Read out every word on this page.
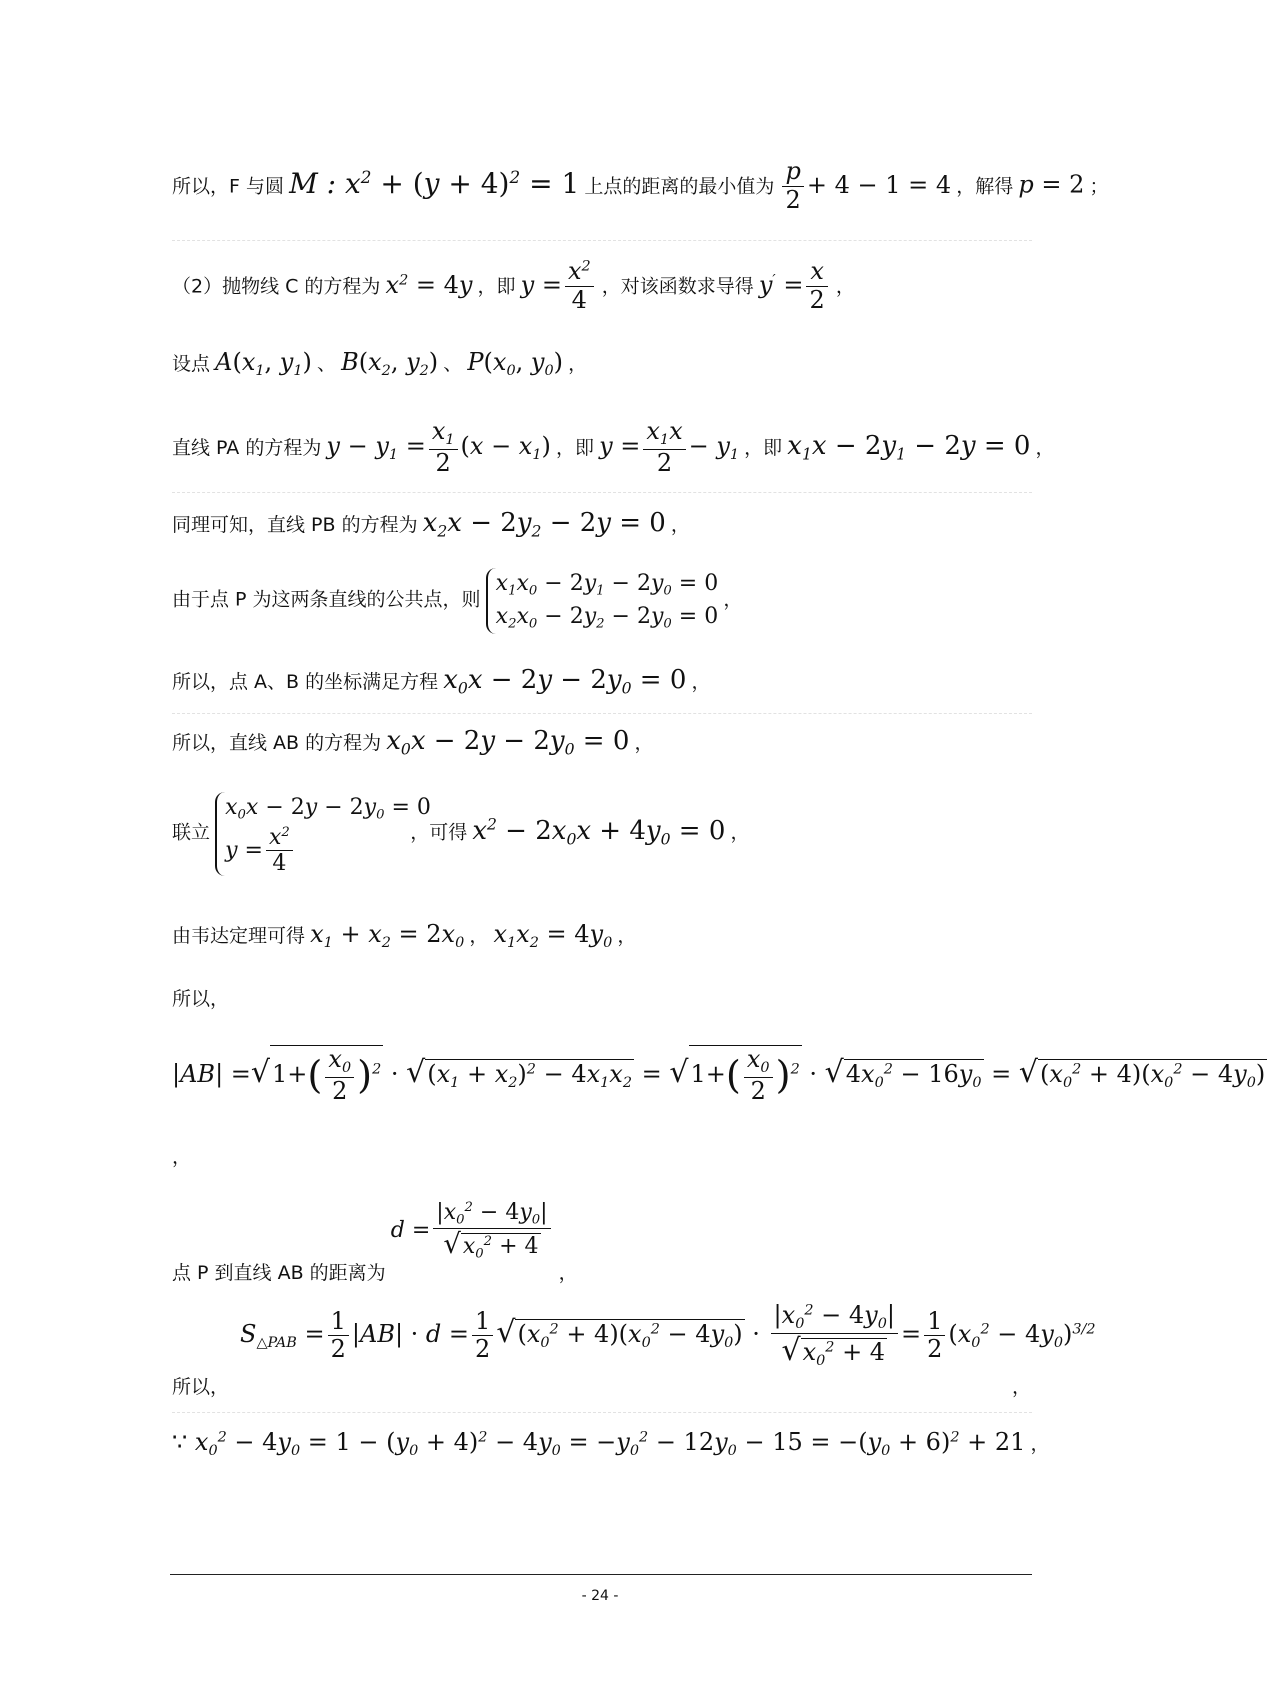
所以，F 与圆 M : $x^2 + (y + 4)^2 = 1$ 上点的距离的最小值为 $\frac{p}{2} + 4 - 1 = 4$ ，解得 p = 2 ；
（2）抛物线 C 的方程为 $x^2 = 4y$ ，即 $y = \frac{x^2}{4}$ ，对该函数求导得 $y' = \frac{x}{2}$ ，
设点 $A(x_1$, $y_1$) 、 $B(x_2$, $y_2$) 、 $P(x_0$, $y_0$) ，
直线 PA 的方程为 $y - y_1 = \frac{x_1}{2} (x - x_1)$ ，即 $y = \frac{x_1x}{2} - y_1$ ，即 $x_1x - 2y_1 - 2y = 0$ ，
同理可知，直线 PB 的方程为 $x_2x - 2y_2 - 2y = 0$ ，
由于点 P 为这两条直线的公共点，则 $x_1x_0 - 2y_1 - 2y_0 = 0$
$x_2x_0 - 2y_2 - 2y_0 = 0$ ，
所以，点 A、B 的坐标满足方程 $x_0x - 2y - 2y_0 = 0$ ，
所以，直线 AB 的方程为 $x_0x - 2y - 2y_0 = 0$ ，
联立 $x_0x - 2y - 2y_0 = 0$
$y = \frac{x^2}{4}$	，可得 $x^2 - 2x_0x + 4y_0 = 0$ ，
由韦达定理可得 $x_1 + x_2 = 2x_0$ ， $x_1x_2 = 4y_0$ ，
所以，
$|AB| =√1+( \frac{x_0}{2} )^2 \cdot √(x_1 + x_2)^2 - 4x_1x_2 = √1+( \frac{x_0}{2} )^2 \cdot √4x_0^2 - 16y_0 = √(x_0^2 + 4)(x_0^2 - 4y_0)$
，
点 P 到直线 AB 的距离为 $d = \frac{|x_0^2 - 4y_0|}{√x_0^2 + 4}$
，
$S_{\triangle PAB} = \frac{1}{2} |AB| \cdot d = \frac{1}{2} √(x_0^2 + 4)(x_0^2 - 4y_0) \cdot \frac{|x_0^2 - 4y_0|}{√x_0^2 + 4} = \frac{1}{2} (x_0^2 - 4y_0)^{3/2}$
所以，	，
∵ $x_0^2 - 4y_0 = 1 - (y_0 + 4)^2 - 4y_0 = -y_0^2 - 12y_0 - 15 = -(y_0 + 6)^2 + 21$ ，
- 24 -
